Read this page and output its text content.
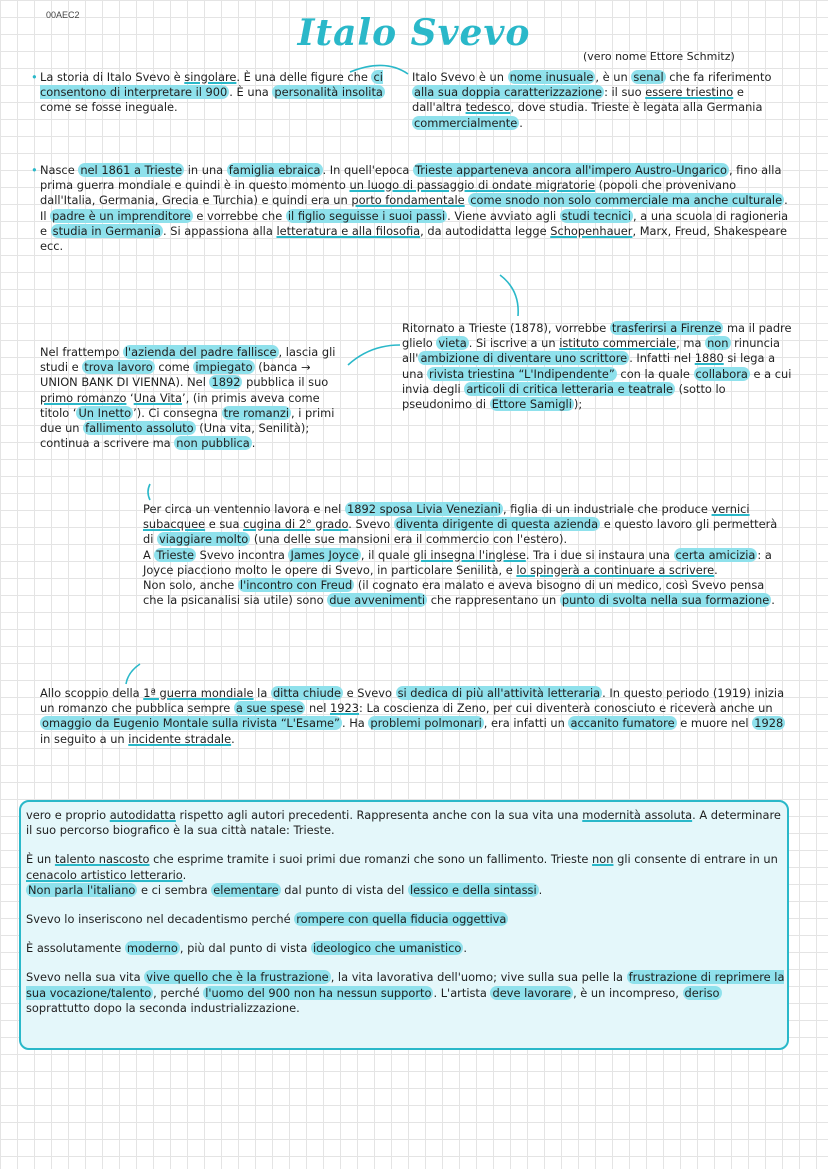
00AEC2	Italo Svevo
(vero nome Ettore Schmitz)

• La storia di Italo Svevo è singolare. È una delle figure che ci consentono di interpretare il 900 . È una personalità insolita come se fosse ineguale.

Italo Svevo è un nome inusuale , è un senal che fa riferimento alla sua doppia caratterizzazione : il suo essere triestino e dall'altra tedesco, dove studia. Trieste è legata alla Germania commercialmente .

• Nasce nel 1861 a Trieste in una famiglia ebraica . In quell'epoca Trieste apparteneva ancora all'impero Austro-Ungarico , fino alla prima guerra mondiale e quindi è in questo momento un luogo di passaggio di ondate migratorie (popoli che provenivano dall'Italia, Germania, Grecia e Turchia) e quindi era un porto fondamentale come snodo non solo commerciale ma anche culturale .

Il padre è un imprenditore e vorrebbe che il figlio seguisse i suoi passi . Viene avviato agli studi tecnici , a una scuola di ragioneria e studia in Germania . Si appassiona alla letteratura e alla filosofia, da autodidatta legge Schopenhauer, Marx, Freud, Shakespeare ecc.

Ritornato a Trieste (1878), vorrebbe trasferirsi a Firenze ma il padre glielo vieta . Si iscrive a un istituto commerciale, ma non rinuncia all' ambizione di diventare uno scrittore . Infatti nel 1880 si lega a una rivista triestina “L'Indipendente” con la quale collabora e a cui invia degli articoli di critica letteraria e teatrale (sotto lo pseudonimo di Ettore Samigli );

Nel frattempo l'azienda del padre fallisce , lascia gli studi e trova lavoro come impiegato (banca → UNION BANK DI VIENNA). Nel 1892 pubblica il suo primo romanzo ‘Una Vita’, (in primis aveva come titolo ‘ Un Inetto ’). Ci consegna tre romanzi , i primi due un fallimento assoluto (Una vita, Senilità); continua a scrivere ma non pubblica .

Per circa un ventennio lavora e nel 1892 sposa Livia Veneziani , figlia di un industriale che produce vernici subacquee e sua cugina di 2° grado. Svevo diventa dirigente di questa azienda e questo lavoro gli permetterà di viaggiare molto (una delle sue mansioni era il commercio con l'estero).

A Trieste Svevo incontra James Joyce , il quale gli insegna l'inglese. Tra i due si instaura una certa amicizia : a Joyce piacciono molto le opere di Svevo, in particolare Senilità, e lo spingerà a continuare a scrivere.

Non solo, anche l'incontro con Freud (il cognato era malato e aveva bisogno di un medico, così Svevo pensa che la psicanalisi sia utile) sono due avvenimenti che rappresentano un punto di svolta nella sua formazione .

Allo scoppio della 1ª guerra mondiale la ditta chiude e Svevo si dedica di più all'attività letteraria . In questo periodo (1919) inizia un romanzo che pubblica sempre a sue spese nel 1923: La coscienza di Zeno, per cui diventerà conosciuto e riceverà anche un omaggio da Eugenio Montale sulla rivista “L'Esame” . Ha problemi polmonari , era infatti un accanito fumatore e muore nel 1928 in seguito a un incidente stradale.

vero e proprio autodidatta rispetto agli autori precedenti. Rappresenta anche con la sua vita una modernità assoluta. A determinare il suo percorso biografico è la sua città natale: Trieste.

È un talento nascosto che esprime tramite i suoi primi due romanzi che sono un fallimento. Trieste non gli consente di entrare in un cenacolo artistico letterario.

Non parla l'italiano e ci sembra elementare dal punto di vista del lessico e della sintassi .

Svevo lo inseriscono nel decadentismo perché rompere con quella fiducia oggettiva

È assolutamente moderno , più dal punto di vista ideologico che umanistico .

Svevo nella sua vita vive quello che è la frustrazione , la vita lavorativa dell'uomo; vive sulla sua pelle la frustrazione di reprimere la sua vocazione/talento , perché l'uomo del 900 non ha nessun supporto . L'artista deve lavorare , è un incompreso, deriso soprattutto dopo la seconda industrializzazione.
